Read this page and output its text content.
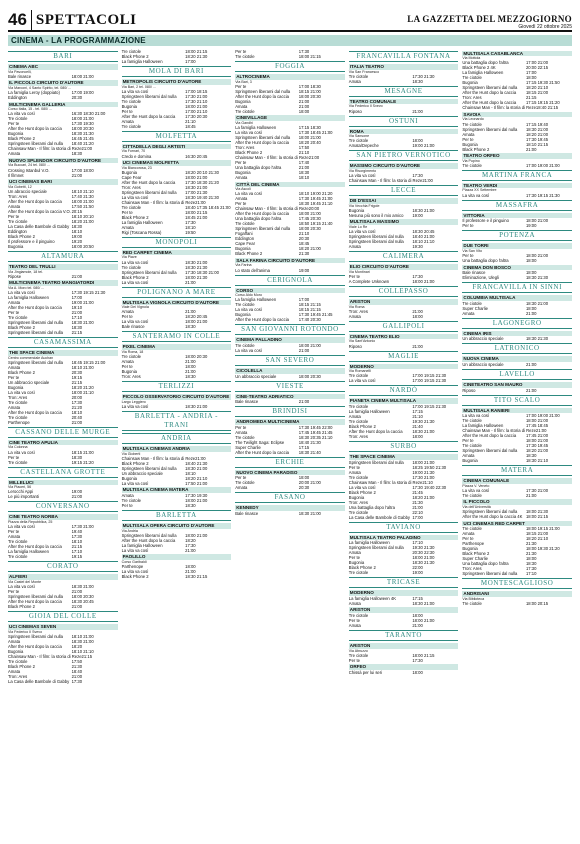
46 SPETTACOLI	LA GAZZETTA DEL MEZZOGIORNO
Giovedì 22 ottobre 2025
CINEMA - LA PROGRAMMAZIONE
BARI
CINEMA ABC
Via Pavoncelli,
Bale rinasce	18:00 21:00
IL PICCOLO CIRCUITO D'AUTORE
Via Marconi, 4 Santo Spirito, tel. 080/ ...
La famiglia Leroy (doppiato)	17:00 19:00
Eddington	20:30
MULTICINEMA GALLERIA
Corso Italia, 15 - tel. 080/ ...
La vita va così	16:30 18:30 21:00
Tre ciotole	18:00 21:00
Per te	17:30 19:30
After the Hunt dopo la caccia	18:00 20:30
Bugonia	18:30 21:30
Black Phone 2	16:45 21:45
Springsteen liberami dal nulla	18:40 21:20
Chainsaw Man - Il film: la storia di Reze 21:00
Amata	18:30
NUOVO SPLENDOR CIRCUITO D'AUTORE
Via Buccari, 24 tel. 080/ ...
Crossing Istanbul V.O.	17:00 18:00
Il filmnet	21:00
UCI CINEMAS BARI
Via Gobetti, 12
Un abraccio speciale	18:10 21:10
Tron: Ares	17:40 21:30
After the Hunt dopo la caccia	18:00 21:00
Amata	17:50 21:50
After the Hunt dopo la caccia V.O. 20:15
Per te	18:10 20:10
Tre ciotole	18:20 21:00
La Casa delle Bambole di Gabby 18:30
Eddington	18:10
Black Phone 2	19:00
Il professore e il pinguino	19:20
Bugonia	18:00 20:50
ALTAMURA
TEATRO DEL TRULLI
Via Jingiamole, 18 tel.
Ripose	21:00
MULTICINEMA TEATRO MANGIATORDI
Via A. Moro tel. 080/ ...
La vita va così	17:30 19:15 21:30
La famiglia Halloween	17:00
Amata	19:00 21:00
After the Hunt dopo la caccia	19:10
Per te	21:00
Tre ciotole	17:10
Springsteen liberami dal nulla	18:30 21:00
Black Phone 2	18:30
Springsteen liberami dal nulla	21:15
CASAMASSIMA
THE SPACE CINEMA
Centro commerciale Auchan
Springsteen liberami dal nulla	18:45 19:15 21:00
Amata	18:10 21:00
Black Phone 2	20:30
Per te	19:15
Un abbraccio speciale	21:15
Bugonia	18:20 21:20
La vita va così	18:00 21:10
Tron: Ares	20:00
Tre ciotole	17:30
Amata	21:20
After the Hunt dopo la caccia	18:10
Tre ciotole	20:40
Parthenope	21:00
CASSANO DELLE MURGE
CINE TEATRO APULIA
Via Colonna
La vita va così	18:15 21:00
Per te	18:30
Tre ciotole	19:15 21:20
CASTELLANA GROTTE
MILLELUCI
Via Piaceri, 56
Lerocchi Appi	19:00
Le più importanti	21:00
CONVERSANO
CINE TEATRO NORBA
Piazza della Repubblica, 25
La vita va così	17:30 21:00
Per te	19:40
Amata	17:30
Tre ciotole	18:10
After the Hunt dopo la caccia	21:15
La famiglia Halloween	17:10
Tre ciotole	19:15
CORATO
ALFIERI
Via Castel del Monte
La vita va così	18:30 21:00
Per te	21:00
Springsteen liberami dal nulla	18:00 20:30
After the Hunt dopo la caccia	18:30 20:45
Black Phone 2	21:00
GIOIA DEL COLLE
UCI CINEMAS SEVEN
Via Federico II Svevo
Springsteen liberami dal nulla	18:10 21:00
Amata	18:30 21:00
After the Hunt dopo la caccia	18:20
Bugonia	18:10 21:10
Chainsaw Man - Il film: la storia di Reze 21:15
Tre ciotole	17:50
Black Phone 2	21:30
Amata	18:40
Tron: Ares	21:00
La Casa delle Bambole di Gabby 17:30
Tre ciotole	18:00 21:15
Black Phone 2	18:20 21:30
La famiglia Halloween	17:00
MOLA DI BARI
METROPOLIS CIRCUITO D'AUTORE
Via Bari, 2 tel. 080/ ...
La vita va così	17:00 18:15
Springsteen liberami dal nulla	17:30 21:00
Tre ciotole	17:30 21:10
Bugonia	18:00 21:00
Per te	17:00 21:10
After the Hunt dopo la caccia	17:30 20:30
Amata	21:10
Tre ciotole	18:45
MOLFETTA
CITTADELLA DEGLI ARTISTI
Via Fornari, 70
Credo e domina	16:30 20:45
UCI CINEMAS MOLFETTA
Via Biancorosa, 23
Bugonia	18:20 20:10 21:30
Cape Fear	18:00 21:00
After the Hunt dopo la caccia	17:30 18:30 21:20
Tron: Ares	18:30 21:00
Springsteen liberami dal nulla	17:00 21:30
La vita va così	18:30 19:40 21:30
Chainsaw Man - Il film: la storia di Reze 21:00
Tre ciotole	18:40 17:35 18:45 21:00
Per te	18:00 21:15
Black Phone 2	18:45 21:00
La famiglia Halloween	17:30
Amata	18:10
Rigi (Toscana Rossa)	19:50
MONOPOLI
RED CARPET CINEMA
Via Piave
La vita va così	18:30 21:00
Tre ciotole	18:30 21:30
Springsteen liberami dal nulla	17:30 18:30 21:00
Black Phone 2	18:00 21:30
La vita va così	21:00
POLIGNANO A MARE
MULTISALA VIGNOLA CIRCUITO D'AUTORE
Viale Dei Vignola
Amata	21:00
Per te	18:20 20:45
La vita va così	18:00 21:00
Bale rinasce	18:30
SANTERAMO IN COLLE
PIXEL CINEMA
Via Roma, 18
Tre ciotole	18:00 20:30
Amata	21:00
Per te	18:00
Bugonia	21:00
Tron: Ares	18:30
TERLIZZI
PICCOLO OSSERVATORIO CIRCUITO D'AUTORE
Largo Leggiero
La vita va così	18:30 21:00
BARLETTA - ANDRIA - TRANI
ANDRIA
MULTISALA CINEMAS ANDRIA
Via Gioberti
Chainsaw Man - Il film: la storia di Reze 21:00
Black Phone 2	18:40 21:30
Springsteen liberami dal nulla	18:30 21:00
Un abbraccio speciale	18:10
Bugonia	18:20 21:10
La vita va così	17:50 21:00
MULTISALA CINEMA MATERA
Amata	17:30 19:30
Tre ciotole	18:00 21:00
Per te	18:30
BARLETTA
MULTISALA OPERA CIRCUITO D'AUTORE
Via Andria
Springsteen liberami dal nulla	18:00 21:00
After the Hunt dopo la caccia	18:20
La famiglia Halloween	17:30
La vita va così	21:00
PAOLILLO
Corso Garibaldi
Parthenope	18:00
La vita va così	21:00
Black Phone 2	18:30 21:15
Per te	17:30
Tre ciotole	18:00 21:15
FOGGIA
ALTROCINEMA
Via Bari, 3
Per te	17:00 18:30
Springsteen liberami dal nulla	18:15 21:00
After the Hunt dopo la caccia	18:00 20:30
Bugonia	21:00
Amata	21:00
Tre ciotole	18:00
CINEVILLAGE
Via Gandhi
La famiglia Halloween	17:15 18:30
La vita va così	17:30 18:45 21:00
Springsteen liberami dal nulla	18:00 21:00
After the Hunt dopo la caccia	18:20 20:40
Tron: Ares	17:50
Black Phone 2	21:10
Chainsaw Man - Il film: la storia di Reze 21:00
Per te	17:40
Una battaglia dopo l'altra	21:00
Bugonia	18:30
Amata	18:10
CITTÀ DEL CINEMA
Via Ascoli
La vita va così	18:10 19:00 21:20
Amata	17:30 19:45 21:00
Per te	18:30 19:45 21:10
Chainsaw Man - Il film: la storia di Reze 20:00
After the Hunt dopo la caccia	18:00 21:00
Una battaglia dopo l'altra	17:45 20:30
Tre ciotole	18:50 19:15 21:40
Springsteen liberami dal nulla	18:00 20:30
Fogaffani	21:10
Eddington	20:30
Cape Fear	18:45
Bugonia	18:20 21:00
Black Phone 2	21:30
SALA FARINA CIRCUITO D'AUTORE
Via Farina
Lo stato dell'anima	19:00
CERIGNOLA
CORSO
Corso Aldo Moro
La famiglia Halloween	17:00
Tre ciotole	18:15 21:15
La vita va così	18:15 21:15
Bugonia	17:30 19:45 21:45
After the Hunt dopo la caccia	17:40 20:30
SAN GIOVANNI ROTONDO
CINEMA PALLADINO
Tre ciotole	18:00 21:00
La vita va così	21:00
SAN SEVERO
CICOLELLA
Un abbraccio speciale	18:00 20:30
VIESTE
CINE-TEATRO ADRIATICO
Bale rinasce	21:00
BRINDISI
ANDROMEDA MULTICINEMA
Per te	17:30 19:45 22:00
Amata	17:45 19:45 21:45
Tre ciotole	18:30 20:35 21:10
The Twilight Saga: Eclipse	18:40 21:30
Super Charlie	17:15
After the Hunt dopo la caccia	18:30 21:40
ERCHIE
NUOVO CINEMA PARADISO
Per te	18:00
Tre ciotole	20:00 21:00
Amata	20:30
FASANO
KENNEDY
Bale rinasce	18:30 21:00
FRANCAVILLA FONTANA
ITALIA TEATRO
Via San Francesco
Tre ciotole	17:30 21:30
Amata	18:30
MESAGNE
TEATRO COMUNALE
Via Federico Il Svevo
Riposo	21:00
OSTUNI
ROMA
Via Sansone
Tre ciotole	18:00
Amata/Depeche	19:00 21:00
SAN PIETRO VERNOTICO
MASSIMO CIRCUITO D'AUTORE
Via Risorgimento
La vita va così	17:30
Chainsaw Man - Il film: la storia di Reze 21:00
LECCE
DB D'ESSAI
Via Vecchia Frigole
Bugonia	18:30 21:00
Nesuna più sono il mio amico	19:00
MULTISALA MASSIMO
Viale Lo Re
La vita va così	18:30 20:45
Springsteen liberami dal nulla	18:40 21:00
Springsteen liberami dal nulla	18:10 21:10
Amata	19:30
CALIMERA
ELIO CIRCUITO D'AUTORE
Via Montinari
Per te	17:30
A Complete Unknown	18:00 21:00
COLLEPASSO
ARISTON
Via Roma
Tron: Ares	21:00
Amata	18:00
GALLIPOLI
CINEMA TEATRO ELIO
Via Sant'Antonio
Riposo	21:00
MAGLIE
MODERNO
Via Romanelli
Tre ciotole	17:00 19:15 21:30
La vita va così	17:00 19:15 21:30
NARDÒ
PIANETA CINEMA MULTISALA
Tre ciotole	17:00 19:15 21:30
La famiglia Halloween	17:15
Amata	21:10
Tre ciotole	19:30 21:30
Black Phone 2	21:40
After the Hunt dopo la caccia	18:30 21:00
Tron: Ares	18:00
SURBO
THE SPACE CINEMA
Springsteen liberami dal nulla	18:00 21:00
Per te	18:25 19:50 21:30
Amata	19:00 21:30
Tre ciotole	17:30 21:00
Chainsaw Man - Il film: la storia di Reze 21:10
La vita va così	17:30 19:40 22:30
Black Phone 2	21:45
Bugonia	18:20 21:00
Tron: Ares	21:30
Una battaglia dopo l'altra	21:00
Tre ciotole	22:10
La Casa delle Bambole di Gabby 17:00
TAVIANO
MULTISALA TEATRO PALADINO
La famiglia Halloween	17:10
Springsteen liberami dal nulla	19:30 21:30
Amata	20:30 22:30
Per te	18:00 21:00
Bugonia	18:30 21:30
Black Phone 2	22:00
Tre ciotole	19:00
TRICASE
MODERNO
La famiglia Halloween 4K	17:15
Amata	18:30 21:00
ARISTON
Tre ciotole	18:00
Per te	18:00 21:00
Amata	21:00
TARANTO
ARISTON
Via Abruzzo
Tre ciotole	18:00 21:15
Per te	17:30
ORFEO
Chissà per lui seri	18:00
MULTISALA CASABLANCA
Via Mottola
Una battaglia dopo l'altra	17:00 21:00
Black Phone 2 4K	20:00 22:15
La famiglia Halloween	17:00
Tre ciotole	18:00
Bugonia	17:15 19:30 21:50
Springsteen liberami dal nulla	18:20 21:10
After the Hunt dopo la caccia	18:15 21:00
Tron: Ares	21:15
After the Hunt dopo la caccia	17:15 19:15 21:20
Chainsaw Man - Il film: la storia di Reze 18:40 21:15
SAVOIA
Via Leonardo
Tre ciotole	17:15 19:40
Springsteen liberami dal nulla	18:30 21:00
Amata	18:20 21:00
Per te	17:30 19:45
Bugonia	18:10 21:15
Black Phone 2	21:00
TEATRO ORFEO
Via Pupino
Tre ciotole	17:00 19:00 21:00
MARTINA FRANCA
TEATRO VERDI
Piazza XX Settembre
La vita va così	17:30 19:15 21:30
MASSAFRA
VITTORIA
Il professore e il pinguino	18:00 21:00
Per te	19:00
POTENZA
DUE TORRI
Via San Vito
Per te	18:00 21:00
Una battaglia dopo l'altra	18:00
CINEMA DON BOSCO
Bale rinasce	18:00
Eliminazione, Ulegli	18:30 21:30
FRANCAVILLA IN SINNI
COLUMBIA MULTISALA
Tre ciotole	18:30 21:00
Super Charlie	18:00
Amata	21:00
LAGONEGRO
CINEMA IRIS
Un abbraccio speciale	18:30 21:30
LATRONICO
NUOVA CINEMA
Un abbraccio speciale	21:00
LAVELLO
CINETEATRO SAN MAURO
Riposo	21:00
TITO SCALO
MULTISALA RANIERI
La vita va così	17:00 19:00 21:00
Tre ciotole	18:00 21:00
La famiglia Halloween	17:45 18:45
Chainsaw Man - Il film: la storia di Reze 21:00
After the Hunt dopo la caccia	17:45 21:00
Per te	18:00 21:00
Tre ciotole	17:30 19:45
Springsteen liberami dal nulla	18:20 21:00
Amata	18:30
Bugonia	18:30 21:10
MATERA
CINEMA COMUNALE
Piazza V. Veneto
La vita va così	17:30 21:00
Tre ciotole	21:00
IL PICCOLO
Via dell'Università
Springsteen liberami dal nulla	18:00 21:30
After the Hunt dopo la caccia 4K 18:00 21:15
UCI CINEMAS RED CARPET
Tre ciotole	18:00 19:15 21:00
Amata	18:15 21:00
Per te	18:20 21:10
Parthenope	21:30
Bugonia	18:00 19:30 21:20
Black Phone 2	21:30
Super Charlie	18:00
Una battaglia dopo l'altra	18:30
Tron: Ares	17:30
Springsteen liberami dal nulla	17:10
MONTESCAGLIOSO
ANDRISANI
Via Biblioteca
Tre ciotole	18:00 20:15
